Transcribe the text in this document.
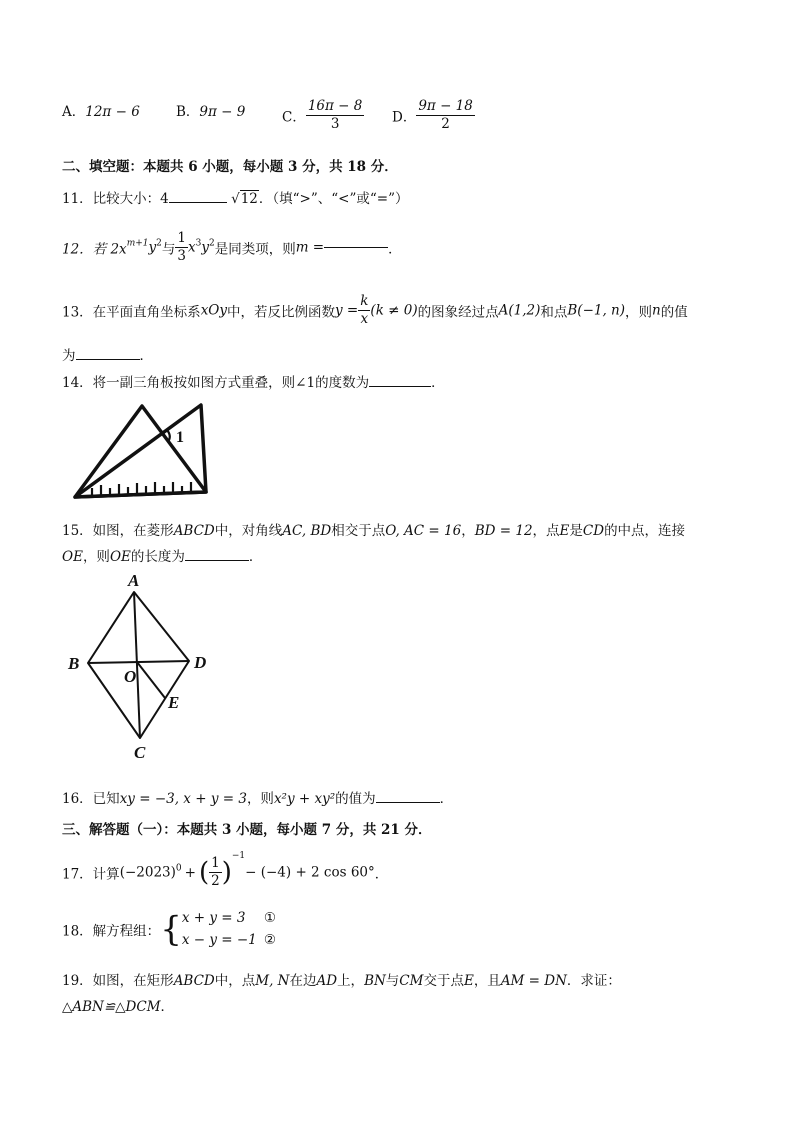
A．12π − 6	B．9π − 9	C． $\frac{16\pi - 8}{3}$ D． $\frac{9\pi - 18}{2}$
二、填空题：本题共 6 小题，每小题 3 分，共 18 分．
11．比较大小：4	√12．（填“>”、“<”或“=”）
12．若 $2x^{m+1}y^2$与 $\frac{1}{3} x^3y^2$是同类项，则m =	．
13．在平面直角坐标系xOy中，若反比例函数$y = \frac{k}{x} (k \ne 0)$的图象经过点A(1,2)和点B(−1, n)，则n的值
为	．
14．将一副三角板按如图方式重叠，则∠1的度数为	．
1
15．如图，在菱形ABCD中，对角线AC, BD相交于点O, AC = 16，BD = 12，点E是CD的中点，连接
OE，则OE的长度为	．
A
B	D
O
E
C
16．已知xy = −3, x + y = 3，则x²y + xy²的值为	．
三、解答题（一）：本题共 3 小题，每小题 7 分，共 21 分．
17．计算$(-2023)^0$ + ( $\frac{1}{2} )^{-1}- (-4) + 2$ cos 60°．
18．解方程组：{ x + y = 3 ①
x − y = −1 ②
19．如图，在矩形ABCD中，点M, N在边AD上，BN与CM交于点E，且AM = DN．求证：
△ABN≌△DCM．
